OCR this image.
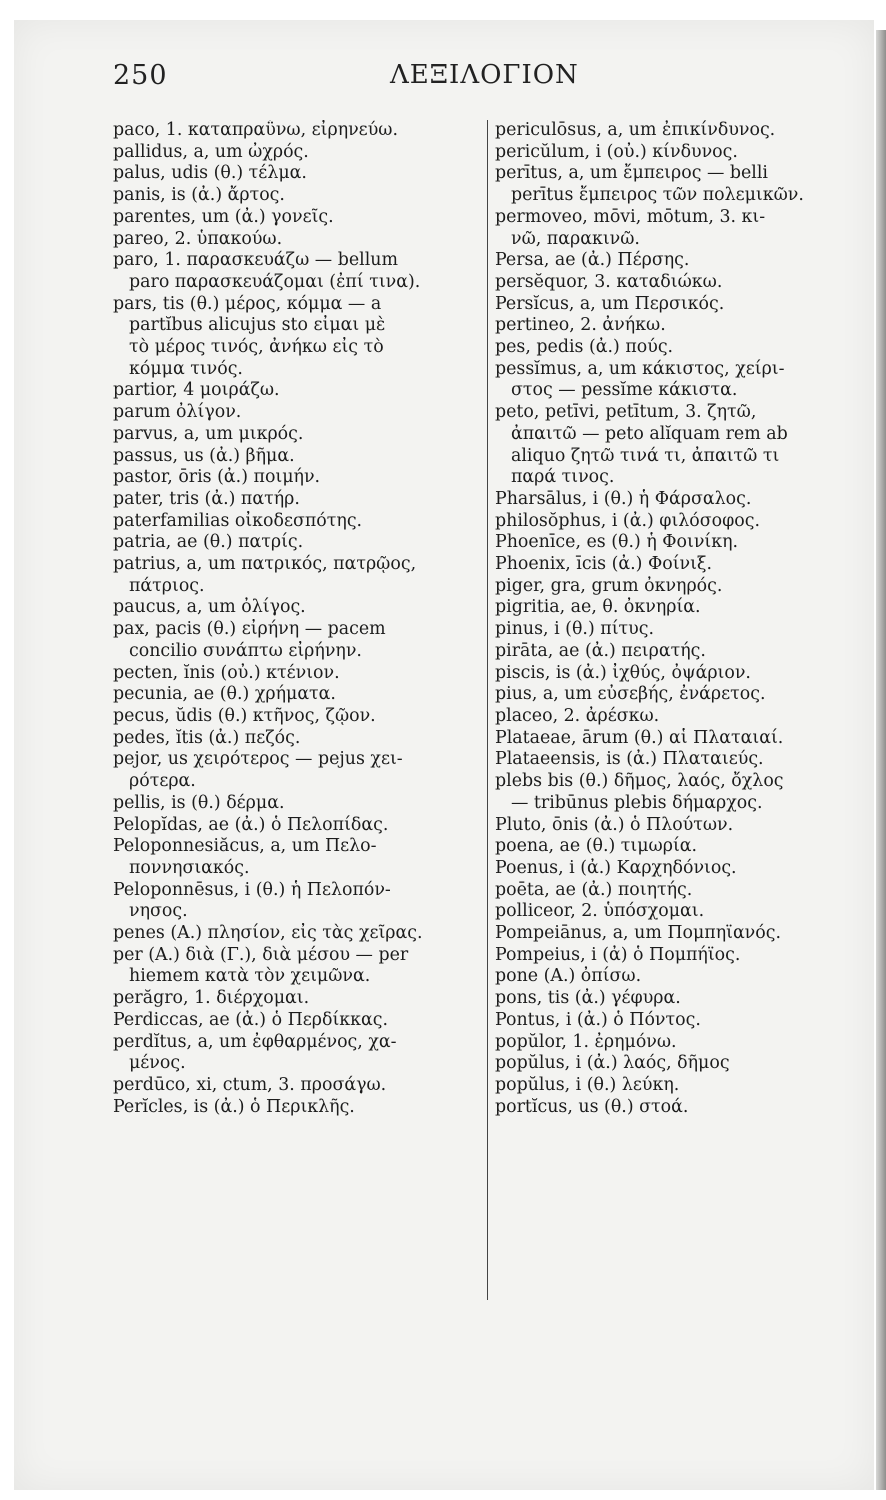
250	ΛΕΞΙΛΟΓΙΟΝ
paco, 1. καταπραΰνω, εἰρηνεύω.
pallidus, a, um ὠχρός.
palus, udis (θ.) τέλμα.
panis, is (ἀ.) ἄρτος.
parentes, um (ἀ.) γονεῖς.
pareo, 2. ὑπακούω.
paro, 1. παρασκευάζω — bellum
paro παρασκευάζομαι (ἐπί τινα).
pars, tis (θ.) μέρος, κόμμα — a
partĭbus alicujus sto εἶμαι μὲ
τὸ μέρος τινός, ἀνήκω εἰς τὸ
κόμμα τινός.
partior, 4 μοιράζω.
parum ὀλίγον.
parvus, a, um μικρός.
passus, us (ἀ.) βῆμα.
pastor, ōris (ἀ.) ποιμήν.
pater, tris (ἀ.) πατήρ.
paterfamilias οἰκοδεσπότης.
patria, ae (θ.) πατρίς.
patrius, a, um πατρικός, πατρῷος,
πάτριος.
paucus, a, um ὀλίγος.
pax, pacis (θ.) εἰρήνη — pacem
concilio συνάπτω εἰρήνην.
pecten, ĭnis (οὐ.) κτένιον.
pecunia, ae (θ.) χρήματα.
pecus, ŭdis (θ.) κτῆνος, ζῷον.
pedes, ĭtis (ἀ.) πεζός.
pejor, us χειρότερος — pejus χει-
ρότερα.
pellis, is (θ.) δέρμα.
Pelopĭdas, ae (ἀ.) ὁ Πελοπίδας.
Peloponnesiăcus, a, um Πελο-
ποννησιακός.
Peloponnēsus, i (θ.) ἡ Πελοπόν-
νησος.
penes (A.) πλησίον, εἰς τὰς χεῖρας.
per (A.) διὰ (Γ.), διὰ μέσου — per
hiemem κατὰ τὸν χειμῶνα.
perăgro, 1. διέρχομαι.
Perdiccas, ae (ἀ.) ὁ Περδίκκας.
perdĭtus, a, um ἐφθαρμένος, χα-
μένος.
perdūco, xi, ctum, 3. προσάγω.
Perĭcles, is (ἀ.) ὁ Περικλῆς.
periculōsus, a, um ἐπικίνδυνος.
pericŭlum, i (οὐ.) κίνδυνος.
perītus, a, um ἔμπειρος — belli
perītus ἔμπειρος τῶν πολεμικῶν.
permoveo, mōvi, mōtum, 3. κι-
νῶ, παρακινῶ.
Persa, ae (ἀ.) Πέρσης.
persĕquor, 3. καταδιώκω.
Persĭcus, a, um Περσικός.
pertineo, 2. ἀνήκω.
pes, pedis (ἀ.) πούς.
pessĭmus, a, um κάκιστος, χείρι-
στος — pessĭme κάκιστα.
peto, petīvi, petītum, 3. ζητῶ,
ἀπαιτῶ — peto alĭquam rem ab
aliquo ζητῶ τινά τι, ἀπαιτῶ τι
παρά τινος.
Pharsālus, i (θ.) ἡ Φάρσαλος.
philosŏphus, i (ἀ.) φιλόσοφος.
Phoenīce, es (θ.) ἡ Φοινίκη.
Phoenix, īcis (ἀ.) Φοίνιξ.
piger, gra, grum ὀκνηρός.
pigritia, ae, θ. ὀκνηρία.
pinus, i (θ.) πίτυς.
pirāta, ae (ἀ.) πειρατής.
piscis, is (ἀ.) ἰχθύς, ὀψάριον.
pius, a, um εὐσεβής, ἐνάρετος.
placeo, 2. ἀρέσκω.
Plataeae, ārum (θ.) αἱ Πλαταιαί.
Plataeensis, is (ἀ.) Πλαταιεύς.
plebs bis (θ.) δῆμος, λαός, ὄχλος
— tribūnus plebis δήμαρχος.
Pluto, ōnis (ἀ.) ὁ Πλούτων.
poena, ae (θ.) τιμωρία.
Poenus, i (ἀ.) Καρχηδόνιος.
poēta, ae (ἀ.) ποιητής.
polliceor, 2. ὑπόσχομαι.
Pompeiānus, a, um Πομπηϊανός.
Pompeius, i (ἀ) ὁ Πομπήϊος.
pone (A.) ὀπίσω.
pons, tis (ἀ.) γέφυρα.
Pontus, i (ἀ.) ὁ Πόντος.
popŭlor, 1. ἐρημόνω.
popŭlus, i (ἀ.) λαός, δῆμος
popŭlus, i (θ.) λεύκη.
portĭcus, us (θ.) στοά.
